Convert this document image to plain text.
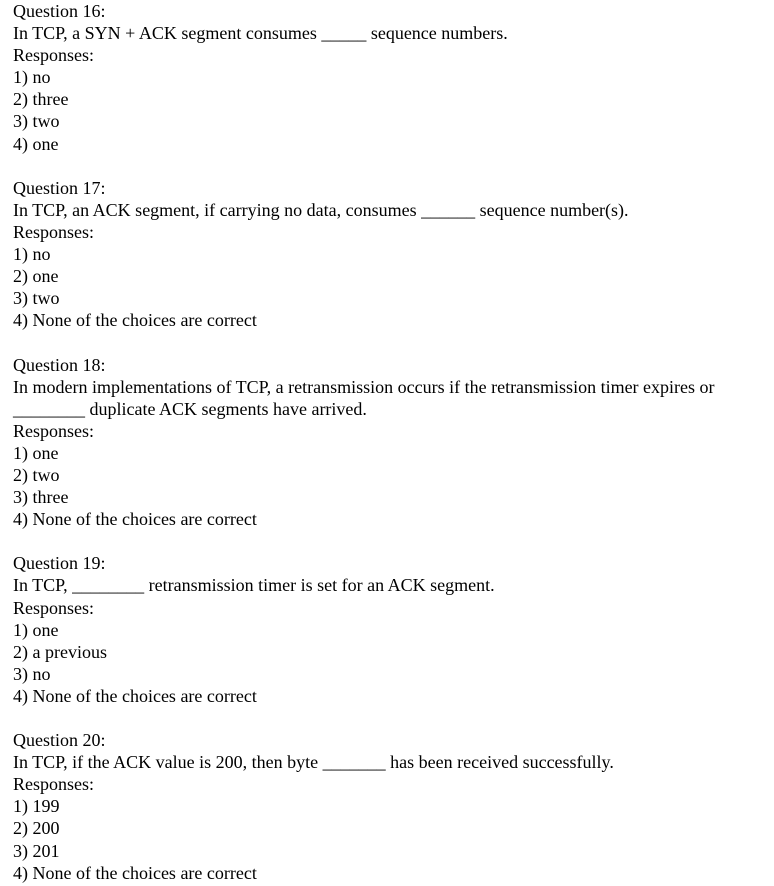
Question 16:
In TCP, a SYN + ACK segment consumes _____ sequence numbers.
Responses:
1) no
2) three
3) two
4) one
Question 17:
In TCP, an ACK segment, if carrying no data, consumes ______ sequence number(s).
Responses:
1) no
2) one
3) two
4) None of the choices are correct
Question 18:
In modern implementations of TCP, a retransmission occurs if the retransmission timer expires or
________ duplicate ACK segments have arrived.
Responses:
1) one
2) two
3) three
4) None of the choices are correct
Question 19:
In TCP, ________ retransmission timer is set for an ACK segment.
Responses:
1) one
2) a previous
3) no
4) None of the choices are correct
Question 20:
In TCP, if the ACK value is 200, then byte _______ has been received successfully.
Responses:
1) 199
2) 200
3) 201
4) None of the choices are correct
